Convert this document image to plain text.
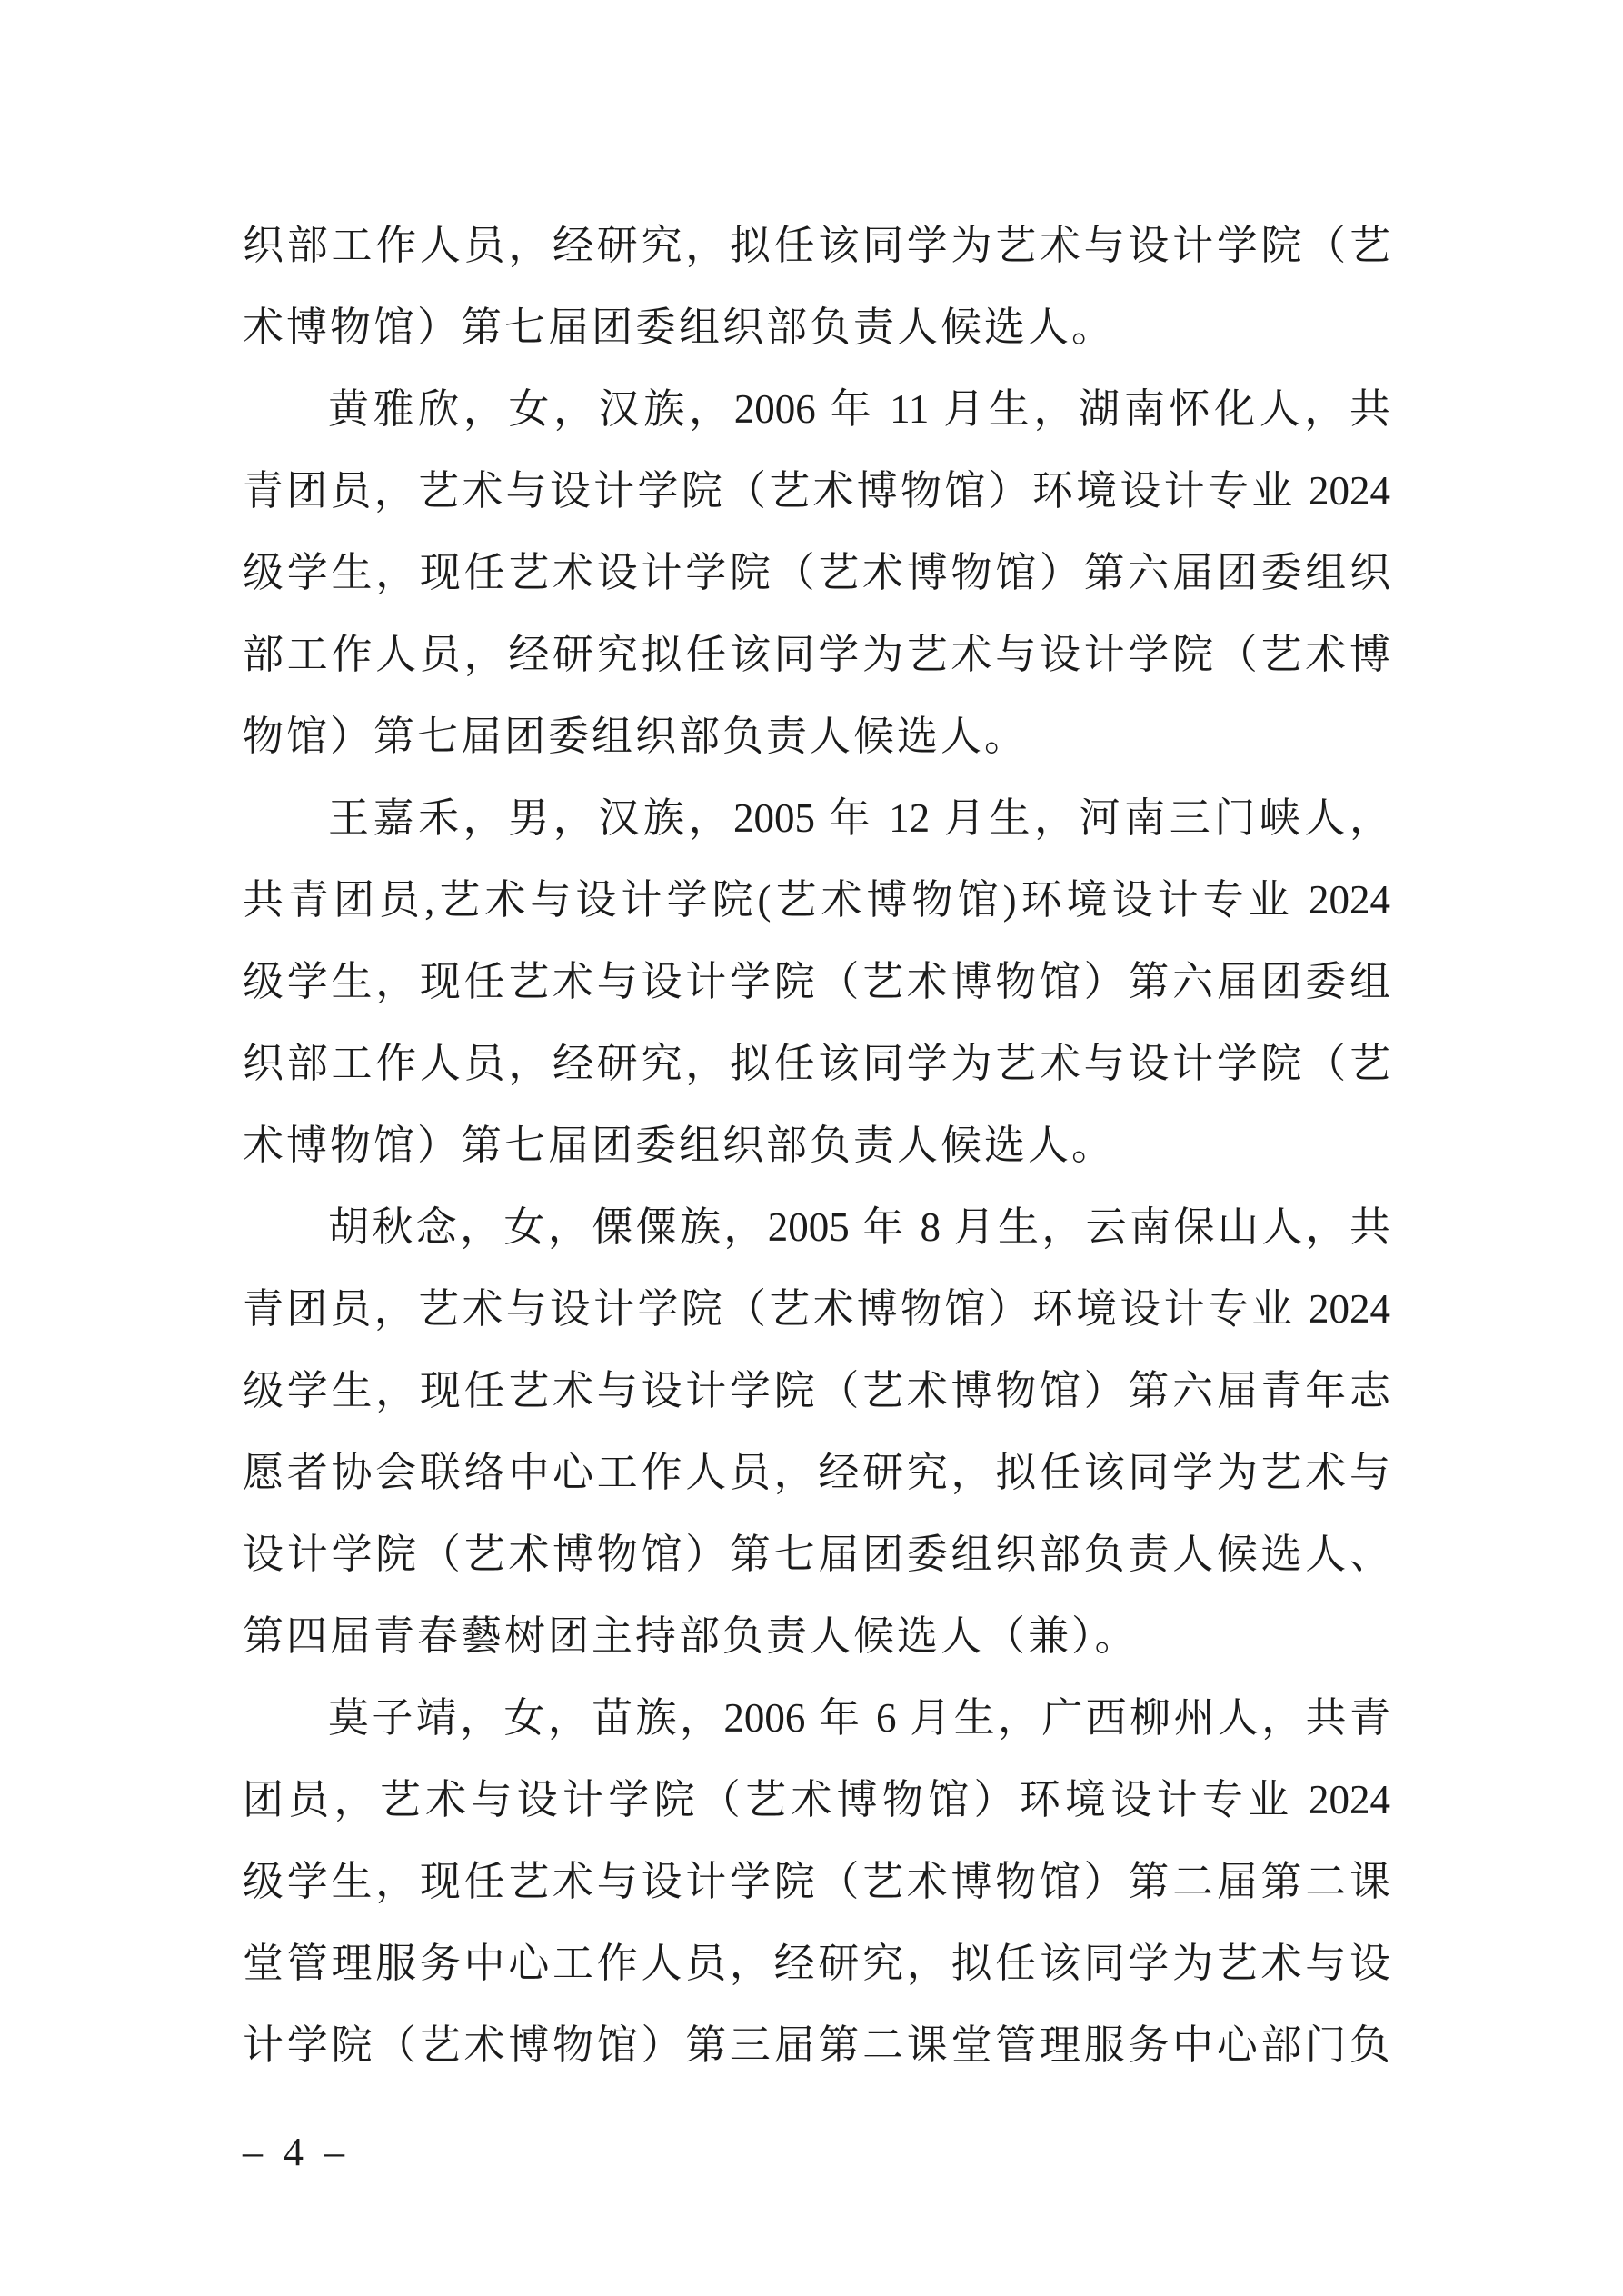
织部工作人员，经研究，拟任该同学为艺术与设计学院（艺
术博物馆）第七届团委组织部负责人候选人。
黄雅欣，女，汉族，2006 年 11 月生，湖南怀化人，共
青团员，艺术与设计学院（艺术博物馆）环境设计专业 2024
级学生，现任艺术设计学院（艺术博物馆）第六届团委组织
部工作人员，经研究拟任该同学为艺术与设计学院（艺术博
物馆）第七届团委组织部负责人候选人。
王嘉禾，男，汉族，2005 年 12 月生，河南三门峡人，
共青团员,艺术与设计学院(艺术博物馆)环境设计专业 2024
级学生，现任艺术与设计学院（艺术博物馆）第六届团委组
织部工作人员，经研究，拟任该同学为艺术与设计学院（艺
术博物馆）第七届团委组织部负责人候选人。
胡秋念，女，傈僳族，2005 年 8 月生，云南保山人，共
青团员，艺术与设计学院（艺术博物馆）环境设计专业 2024
级学生，现任艺术与设计学院（艺术博物馆）第六届青年志
愿者协会联络中心工作人员，经研究，拟任该同学为艺术与
设计学院（艺术博物馆）第七届团委组织部负责人候选人、
第四届青春藝树团主持部负责人候选人（兼）。
莫子靖，女，苗族，2006 年 6 月生，广西柳州人，共青
团员，艺术与设计学院（艺术博物馆）环境设计专业 2024
级学生，现任艺术与设计学院（艺术博物馆）第二届第二课
堂管理服务中心工作人员，经研究，拟任该同学为艺术与设
计学院（艺术博物馆）第三届第二课堂管理服务中心部门负
– 4 –
